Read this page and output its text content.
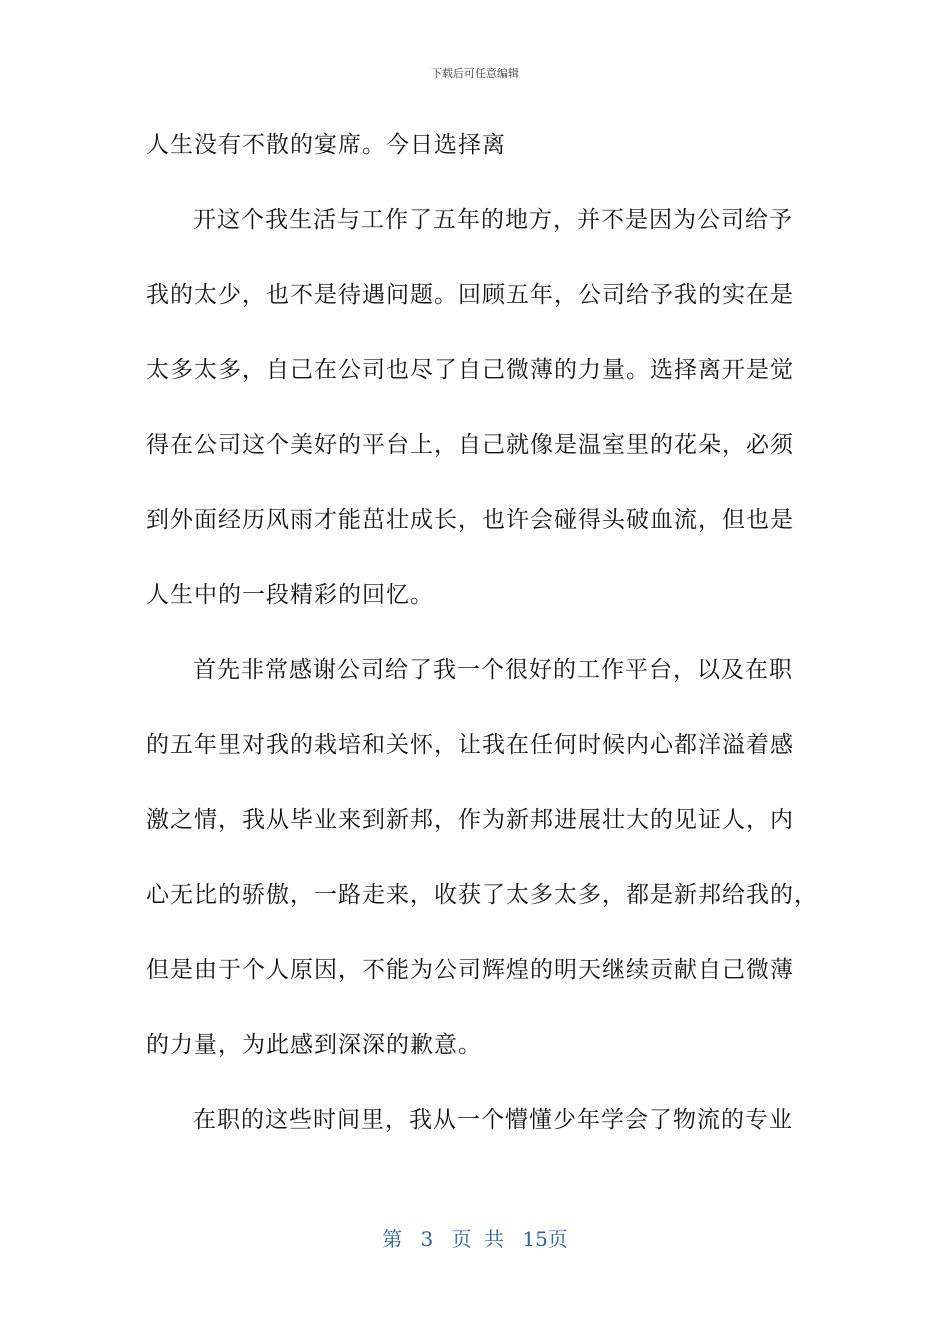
下载后可任意编辑
人生没有不散的宴席。今日选择离
开这个我生活与工作了五年的地方，并不是因为公司给予
我的太少，也不是待遇问题。回顾五年，公司给予我的实在是
太多太多，自己在公司也尽了自己微薄的力量。选择离开是觉
得在公司这个美好的平台上，自己就像是温室里的花朵，必须
到外面经历风雨才能茁壮成长，也许会碰得头破血流，但也是
人生中的一段精彩的回忆。
首先非常感谢公司给了我一个很好的工作平台，以及在职
的五年里对我的栽培和关怀，让我在任何时候内心都洋溢着感
激之情，我从毕业来到新邦，作为新邦进展壮大的见证人，内
心无比的骄傲，一路走来，收获了太多太多，都是新邦给我的，
但是由于个人原因，不能为公司辉煌的明天继续贡献自己微薄
的力量，为此感到深深的歉意。
在职的这些时间里，我从一个懵懂少年学会了物流的专业
第 3 页 共 15页
